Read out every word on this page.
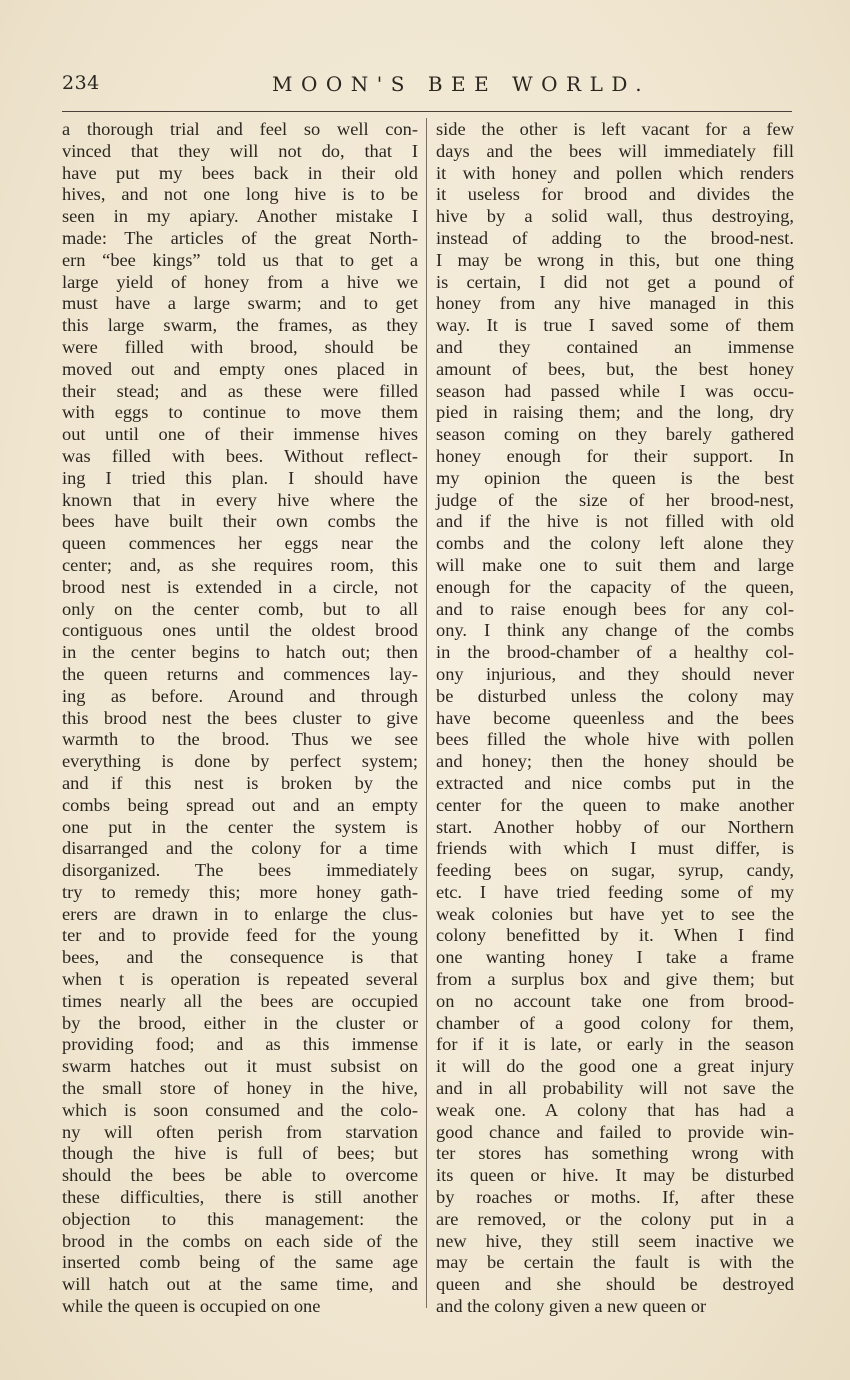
234	MOON'S BEE WORLD.
a thorough trial and feel so well con-
vinced that they will not do, that I
have put my bees back in their old
hives, and not one long hive is to be
seen in my apiary. Another mistake I
made: The articles of the great North-
ern “bee kings” told us that to get a
large yield of honey from a hive we
must have a large swarm; and to get
this large swarm, the frames, as they
were filled with brood, should be
moved out and empty ones placed in
their stead; and as these were filled
with eggs to continue to move them
out until one of their immense hives
was filled with bees. Without reflect-
ing I tried this plan. I should have
known that in every hive where the
bees have built their own combs the
queen commences her eggs near the
center; and, as she requires room, this
brood nest is extended in a circle, not
only on the center comb, but to all
contiguous ones until the oldest brood
in the center begins to hatch out; then
the queen returns and commences lay-
ing as before. Around and through
this brood nest the bees cluster to give
warmth to the brood. Thus we see
everything is done by perfect system;
and if this nest is broken by the
combs being spread out and an empty
one put in the center the system is
disarranged and the colony for a time
disorganized. The bees immediately
try to remedy this; more honey gath-
erers are drawn in to enlarge the clus-
ter and to provide feed for the young
bees, and the consequence is that
when t is operation is repeated several
times nearly all the bees are occupied
by the brood, either in the cluster or
providing food; and as this immense
swarm hatches out it must subsist on
the small store of honey in the hive,
which is soon consumed and the colo-
ny will often perish from starvation
though the hive is full of bees; but
should the bees be able to overcome
these difficulties, there is still another
objection to this management: the
brood in the combs on each side of the
inserted comb being of the same age
will hatch out at the same time, and
while the queen is occupied on one
side the other is left vacant for a few
days and the bees will immediately fill
it with honey and pollen which renders
it useless for brood and divides the
hive by a solid wall, thus destroying,
instead of adding to the brood-nest.
I may be wrong in this, but one thing
is certain, I did not get a pound of
honey from any hive managed in this
way. It is true I saved some of them
and they contained an immense
amount of bees, but, the best honey
season had passed while I was occu-
pied in raising them; and the long, dry
season coming on they barely gathered
honey enough for their support. In
my opinion the queen is the best
judge of the size of her brood-nest,
and if the hive is not filled with old
combs and the colony left alone they
will make one to suit them and large
enough for the capacity of the queen,
and to raise enough bees for any col-
ony. I think any change of the combs
in the brood-chamber of a healthy col-
ony injurious, and they should never
be disturbed unless the colony may
have become queenless and the bees
bees filled the whole hive with pollen
and honey; then the honey should be
extracted and nice combs put in the
center for the queen to make another
start. Another hobby of our Northern
friends with which I must differ, is
feeding bees on sugar, syrup, candy,
etc. I have tried feeding some of my
weak colonies but have yet to see the
colony benefitted by it. When I find
one wanting honey I take a frame
from a surplus box and give them; but
on no account take one from brood-
chamber of a good colony for them,
for if it is late, or early in the season
it will do the good one a great injury
and in all probability will not save the
weak one. A colony that has had a
good chance and failed to provide win-
ter stores has something wrong with
its queen or hive. It may be disturbed
by roaches or moths. If, after these
are removed, or the colony put in a
new hive, they still seem inactive we
may be certain the fault is with the
queen and she should be destroyed
and the colony given a new queen or
